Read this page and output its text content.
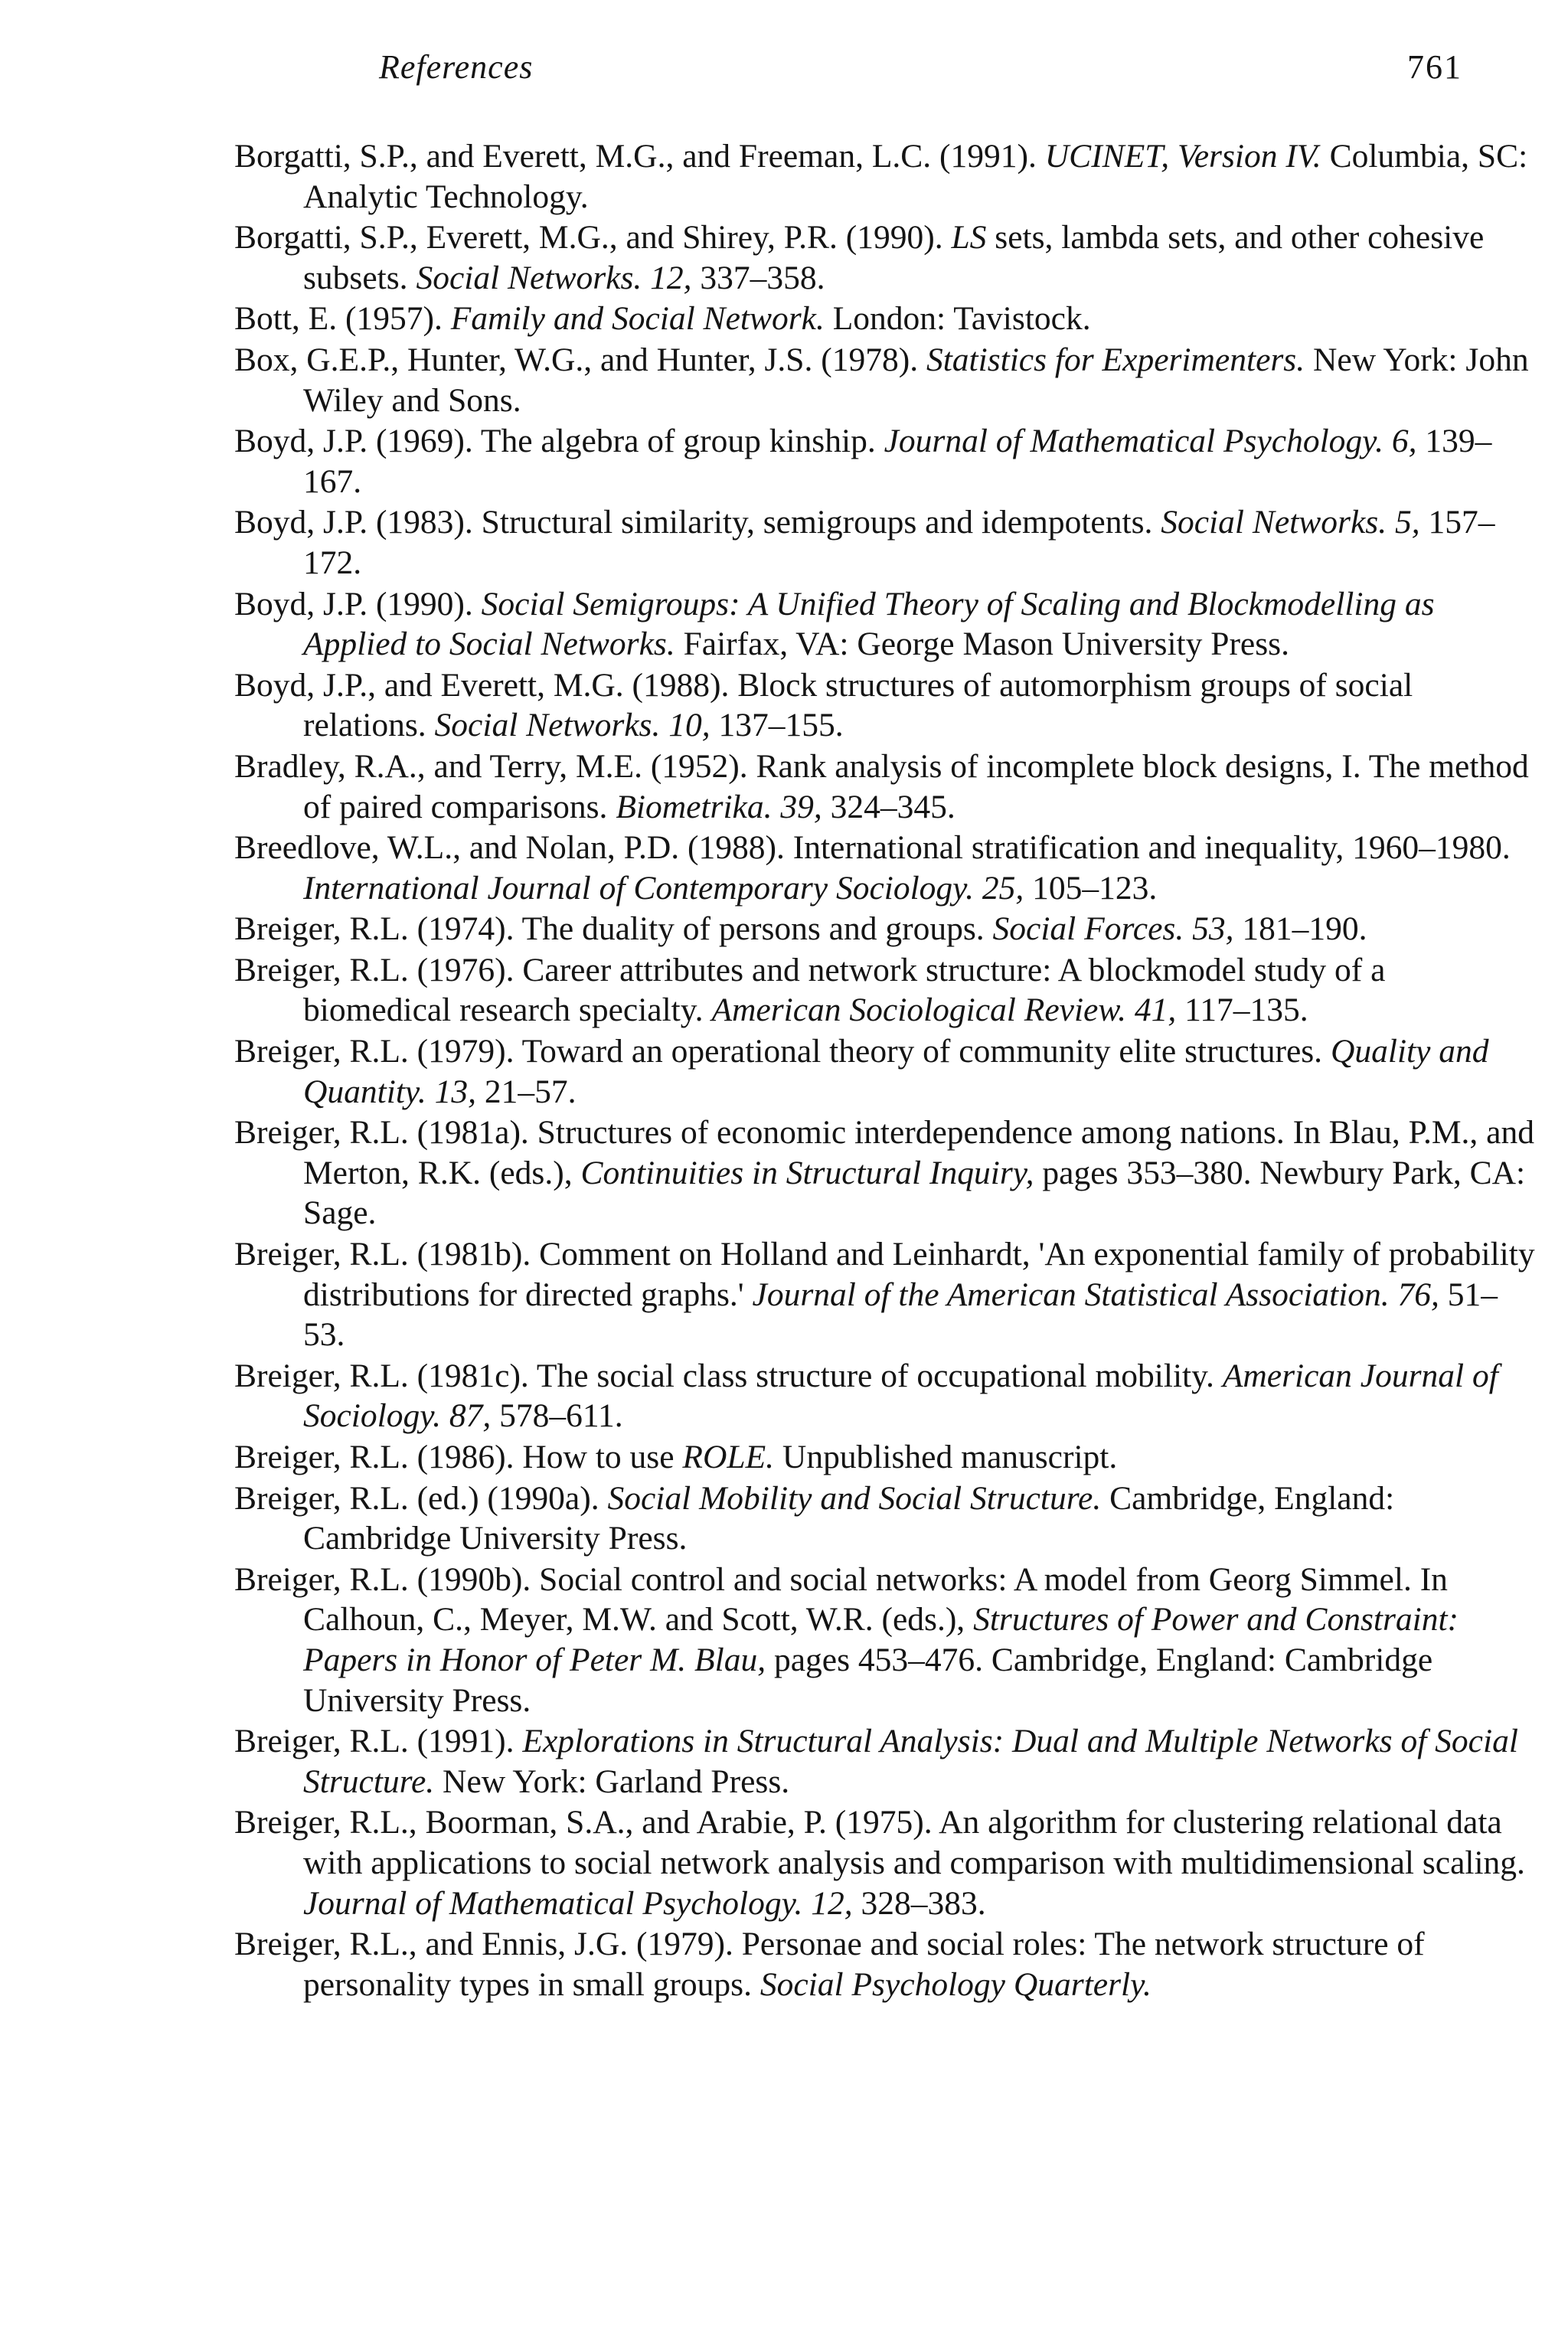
References	761
Borgatti, S.P., and Everett, M.G., and Freeman, L.C. (1991). UCINET, Version IV. Columbia, SC: Analytic Technology.
Borgatti, S.P., Everett, M.G., and Shirey, P.R. (1990). LS sets, lambda sets, and other cohesive subsets. Social Networks. 12, 337–358.
Bott, E. (1957). Family and Social Network. London: Tavistock.
Box, G.E.P., Hunter, W.G., and Hunter, J.S. (1978). Statistics for Experimenters. New York: John Wiley and Sons.
Boyd, J.P. (1969). The algebra of group kinship. Journal of Mathematical Psychology. 6, 139–167.
Boyd, J.P. (1983). Structural similarity, semigroups and idempotents. Social Networks. 5, 157–172.
Boyd, J.P. (1990). Social Semigroups: A Unified Theory of Scaling and Blockmodelling as Applied to Social Networks. Fairfax, VA: George Mason University Press.
Boyd, J.P., and Everett, M.G. (1988). Block structures of automorphism groups of social relations. Social Networks. 10, 137–155.
Bradley, R.A., and Terry, M.E. (1952). Rank analysis of incomplete block designs, I. The method of paired comparisons. Biometrika. 39, 324–345.
Breedlove, W.L., and Nolan, P.D. (1988). International stratification and inequality, 1960–1980. International Journal of Contemporary Sociology. 25, 105–123.
Breiger, R.L. (1974). The duality of persons and groups. Social Forces. 53, 181–190.
Breiger, R.L. (1976). Career attributes and network structure: A blockmodel study of a biomedical research specialty. American Sociological Review. 41, 117–135.
Breiger, R.L. (1979). Toward an operational theory of community elite structures. Quality and Quantity. 13, 21–57.
Breiger, R.L. (1981a). Structures of economic interdependence among nations. In Blau, P.M., and Merton, R.K. (eds.), Continuities in Structural Inquiry, pages 353–380. Newbury Park, CA: Sage.
Breiger, R.L. (1981b). Comment on Holland and Leinhardt, 'An exponential family of probability distributions for directed graphs.' Journal of the American Statistical Association. 76, 51–53.
Breiger, R.L. (1981c). The social class structure of occupational mobility. American Journal of Sociology. 87, 578–611.
Breiger, R.L. (1986). How to use ROLE. Unpublished manuscript.
Breiger, R.L. (ed.) (1990a). Social Mobility and Social Structure. Cambridge, England: Cambridge University Press.
Breiger, R.L. (1990b). Social control and social networks: A model from Georg Simmel. In Calhoun, C., Meyer, M.W. and Scott, W.R. (eds.), Structures of Power and Constraint: Papers in Honor of Peter M. Blau, pages 453–476. Cambridge, England: Cambridge University Press.
Breiger, R.L. (1991). Explorations in Structural Analysis: Dual and Multiple Networks of Social Structure. New York: Garland Press.
Breiger, R.L., Boorman, S.A., and Arabie, P. (1975). An algorithm for clustering relational data with applications to social network analysis and comparison with multidimensional scaling. Journal of Mathematical Psychology. 12, 328–383.
Breiger, R.L., and Ennis, J.G. (1979). Personae and social roles: The network structure of personality types in small groups. Social Psychology Quarterly.
